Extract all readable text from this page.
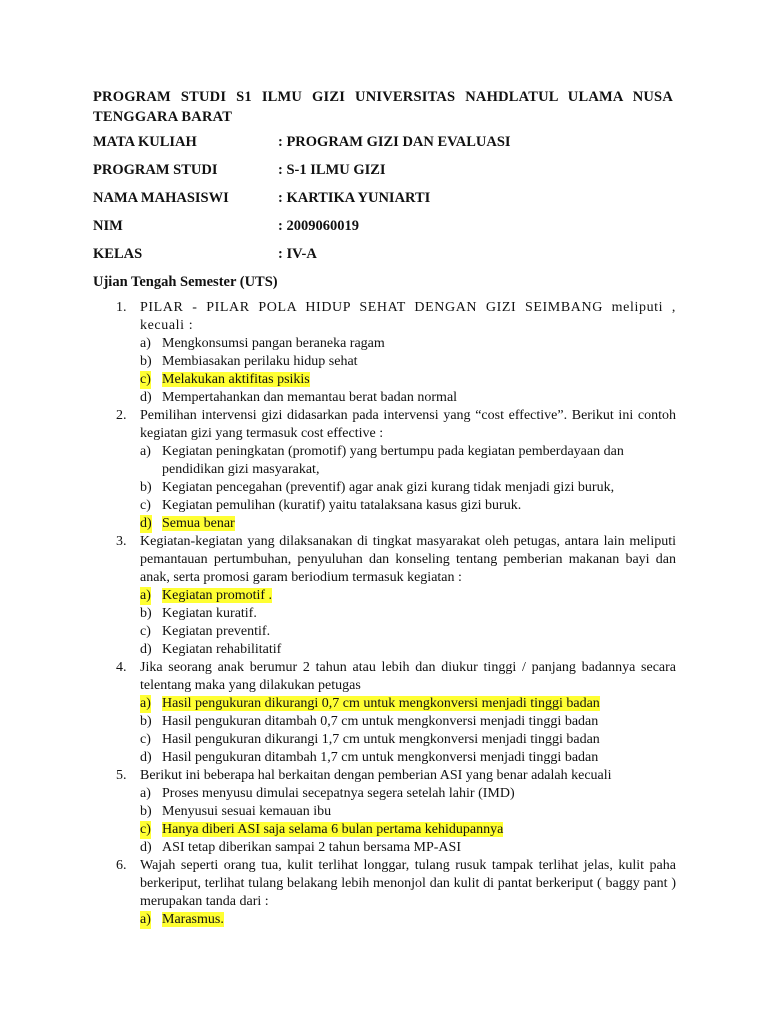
PROGRAM STUDI S1 ILMU GIZI UNIVERSITAS NAHDLATUL ULAMA NUSA TENGGARA BARAT
MATA KULIAH	: PROGRAM GIZI DAN EVALUASI
PROGRAM STUDI	: S-1 ILMU GIZI
NAMA MAHASISWI	: KARTIKA YUNIARTI
NIM	: 2009060019
KELAS	: IV-A
Ujian Tengah Semester (UTS)
1. PILAR - PILAR POLA HIDUP SEHAT DENGAN GIZI SEIMBANG meliputi , kecuali :
a) Mengkonsumsi pangan beraneka ragam
b) Membiasakan perilaku hidup sehat
c) Melakukan aktifitas psikis
d) Mempertahankan dan memantau berat badan normal
2. Pemilihan intervensi gizi didasarkan pada intervensi yang “cost effective”. Berikut ini contoh kegiatan gizi yang termasuk cost effective :
a) Kegiatan peningkatan (promotif) yang bertumpu pada kegiatan pemberdayaan dan pendidikan gizi masyarakat,
b) Kegiatan pencegahan (preventif) agar anak gizi kurang tidak menjadi gizi buruk,
c) Kegiatan pemulihan (kuratif) yaitu tatalaksana kasus gizi buruk.
d) Semua benar
3. Kegiatan-kegiatan yang dilaksanakan di tingkat masyarakat oleh petugas, antara lain meliputi pemantauan pertumbuhan, penyuluhan dan konseling tentang pemberian makanan bayi dan anak, serta promosi garam beriodium termasuk kegiatan :
a) Kegiatan promotif .
b) Kegiatan kuratif.
c) Kegiatan preventif.
d) Kegiatan rehabilitatif
4. Jika seorang anak berumur 2 tahun atau lebih dan diukur tinggi / panjang badannya secara telentang maka yang dilakukan petugas
a) Hasil pengukuran dikurangi 0,7 cm untuk mengkonversi menjadi tinggi badan
b) Hasil pengukuran ditambah 0,7 cm untuk mengkonversi menjadi tinggi badan
c) Hasil pengukuran dikurangi 1,7 cm untuk mengkonversi menjadi tinggi badan
d) Hasil pengukuran ditambah 1,7 cm untuk mengkonversi menjadi tinggi badan
5. Berikut ini beberapa hal berkaitan dengan pemberian ASI yang benar adalah kecuali
a) Proses menyusu dimulai secepatnya segera setelah lahir (IMD)
b) Menyusui sesuai kemauan ibu
c) Hanya diberi ASI saja selama 6 bulan pertama kehidupannya
d) ASI tetap diberikan sampai 2 tahun bersama MP-ASI
6. Wajah seperti orang tua, kulit terlihat longgar, tulang rusuk tampak terlihat jelas, kulit paha berkeriput, terlihat tulang belakang lebih menonjol dan kulit di pantat berkeriput ( baggy pant ) merupakan tanda dari :
a) Marasmus.
